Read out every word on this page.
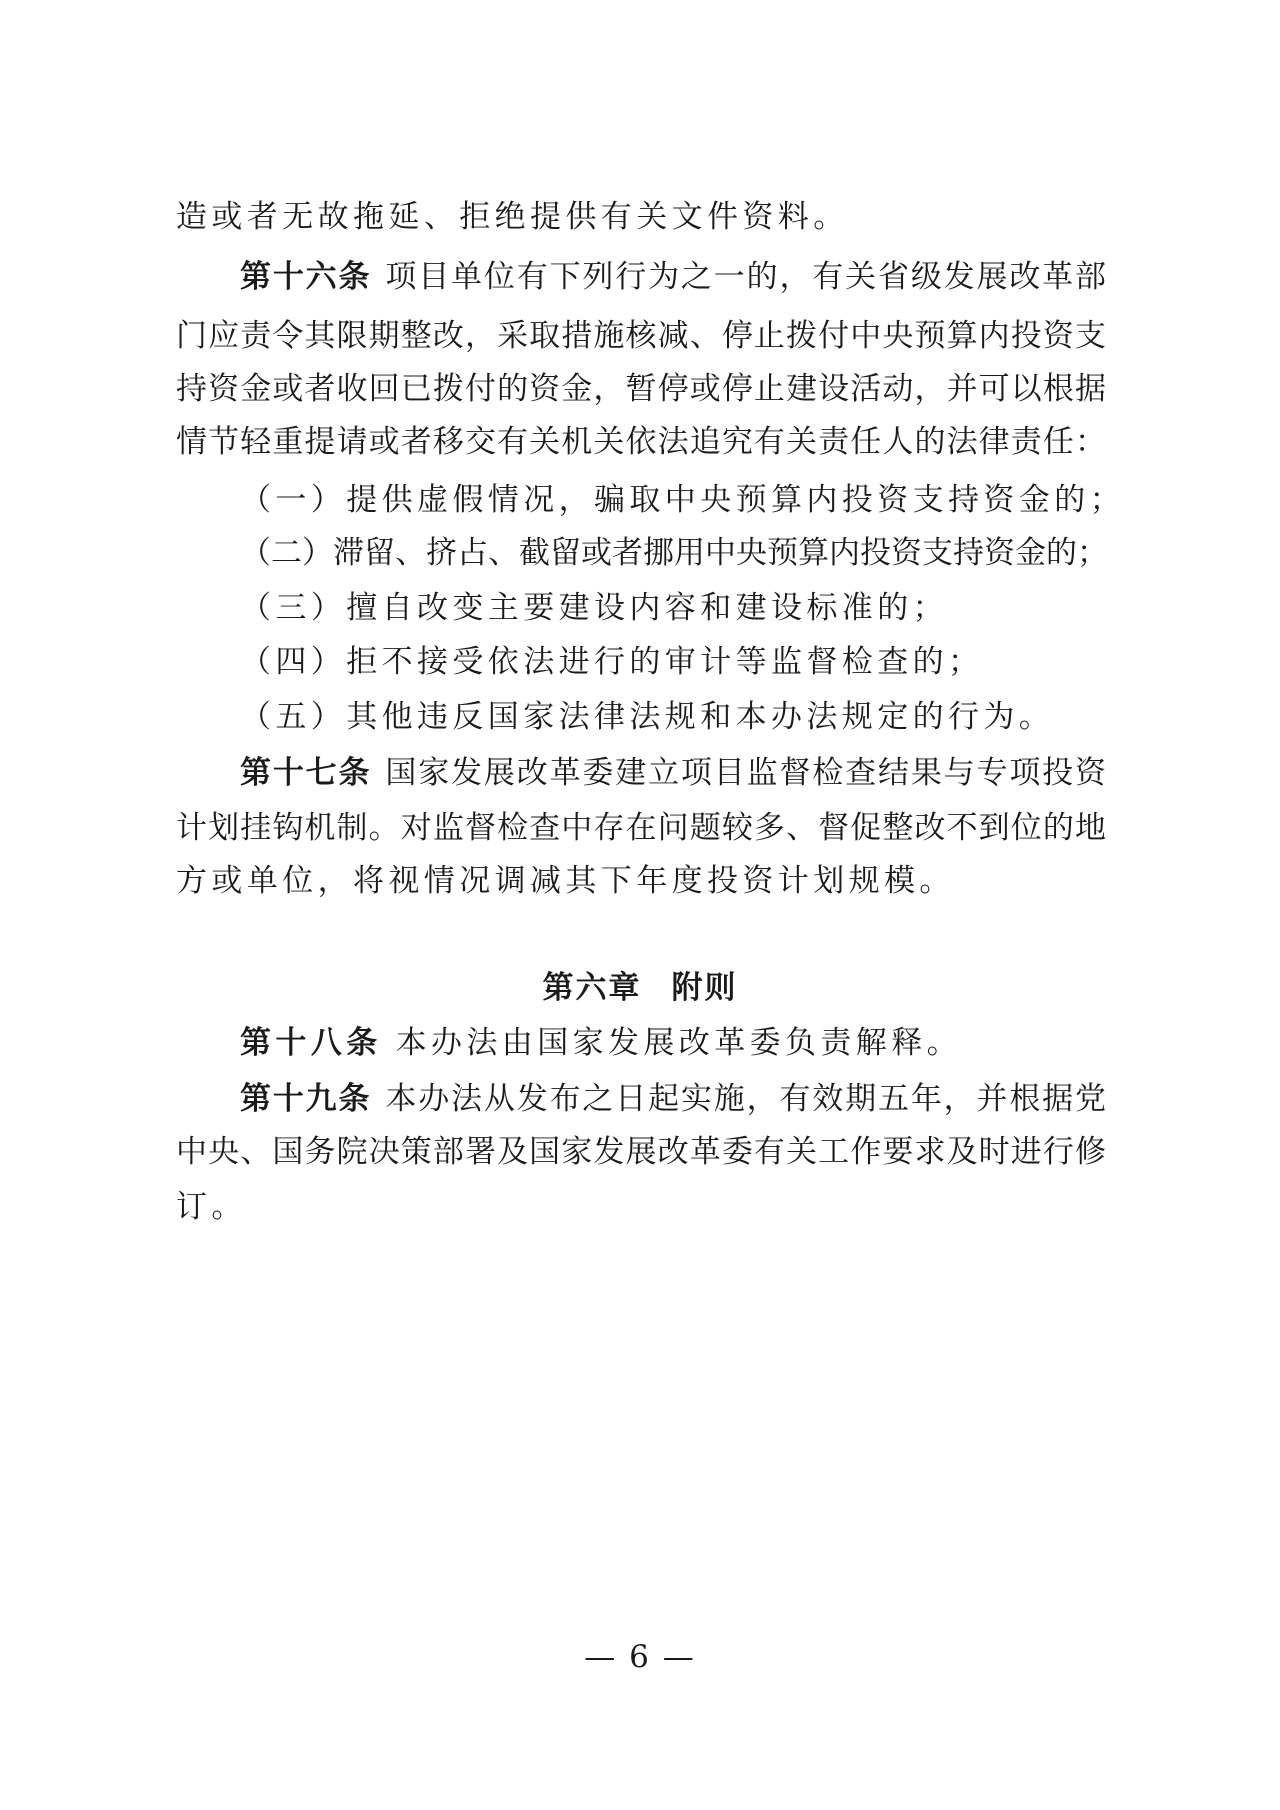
造或者无故拖延、拒绝提供有关文件资料。
第十六条 项目单位有下列行为之一的，有关省级发展改革部
门应责令其限期整改，采取措施核减、停止拨付中央预算内投资支
持资金或者收回已拨付的资金，暂停或停止建设活动，并可以根据
情节轻重提请或者移交有关机关依法追究有关责任人的法律责任：
（一）提供虚假情况，骗取中央预算内投资支持资金的；
（二）滞留、挤占、截留或者挪用中央预算内投资支持资金的；
（三）擅自改变主要建设内容和建设标准的；
（四）拒不接受依法进行的审计等监督检查的；
（五）其他违反国家法律法规和本办法规定的行为。
第十七条 国家发展改革委建立项目监督检查结果与专项投资
计划挂钩机制。对监督检查中存在问题较多、督促整改不到位的地
方或单位，将视情况调减其下年度投资计划规模。
第六章 附则
第十八条 本办法由国家发展改革委负责解释。
第十九条 本办法从发布之日起实施，有效期五年，并根据党
中央、国务院决策部署及国家发展改革委有关工作要求及时进行修
订。
— 6 —
